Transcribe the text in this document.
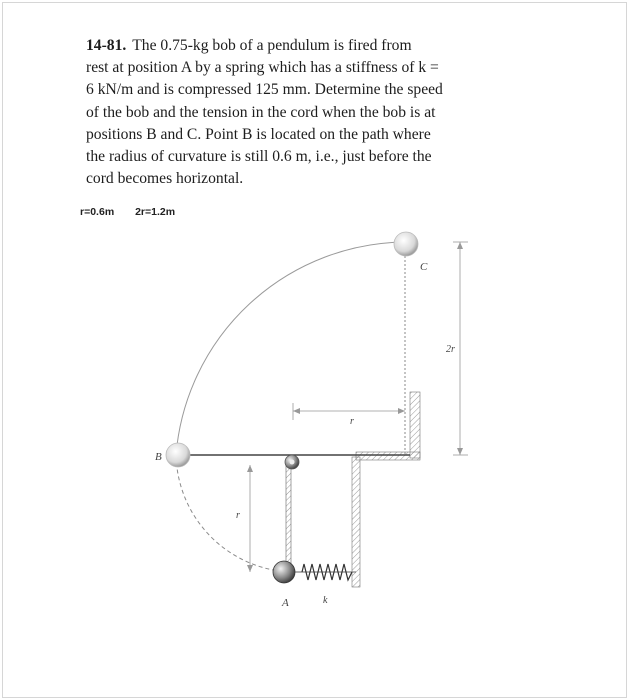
14-81. The 0.75-kg bob of a pendulum is fired from
rest at position A by a spring which has a stiffness of k =
6 kN/m and is compressed 125 mm. Determine the speed
of the bob and the tension in the cord when the bob is at
positions B and C. Point B is located on the path where
the radius of curvature is still 0.6 m, i.e., just before the
cord becomes horizontal.
r=0.6m 2r=1.2m
A	k
B
C
r
r
2r
